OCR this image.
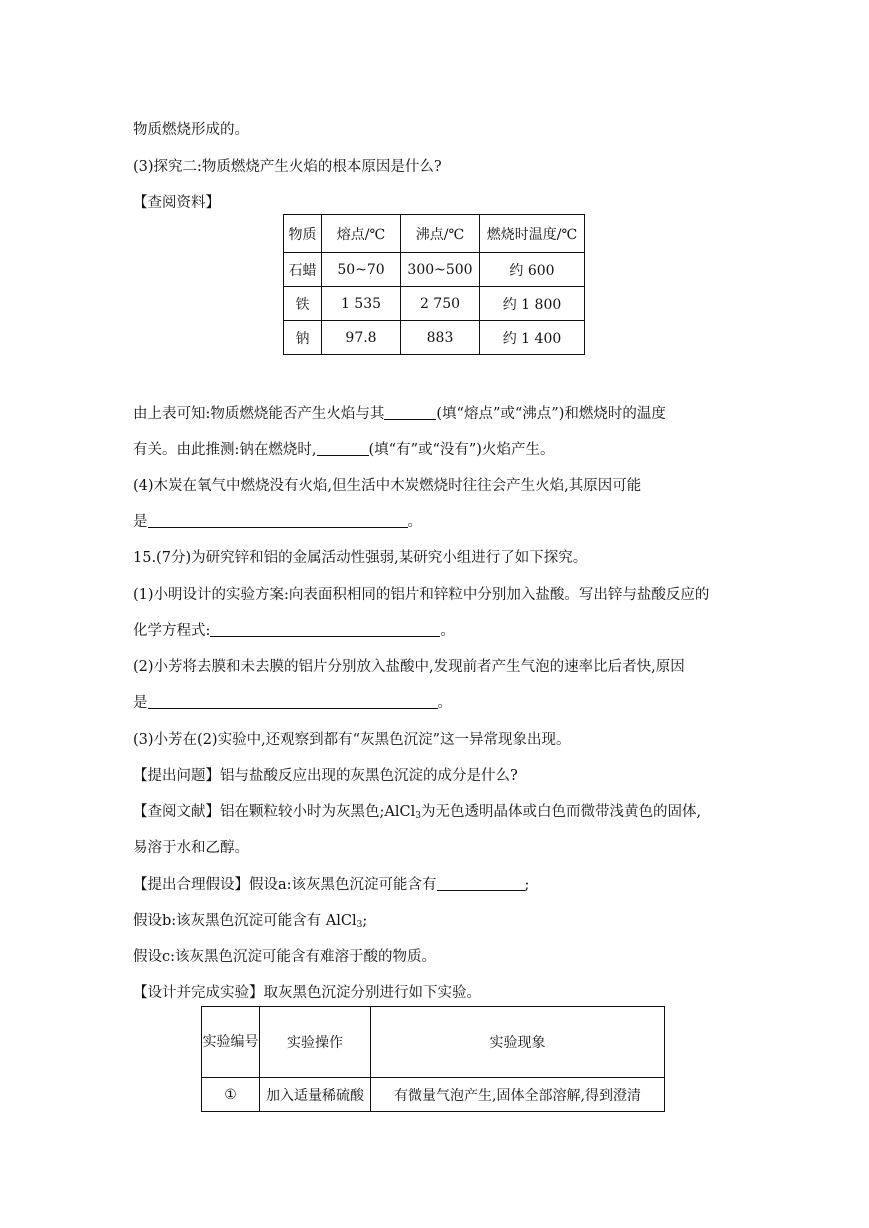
物质燃烧形成的。
(3)探究二:物质燃烧产生火焰的根本原因是什么?
【查阅资料】
物质	熔点/℃	沸点/℃	燃烧时温度/℃
石蜡	50~70	300~500	约 600
铁	1 535	2 750	约 1 800
钠	97.8	883	约 1 400
由上表可知:物质燃烧能否产生火焰与其	(填“熔点”或“沸点”)和燃烧时的温度
有关。由此推测:钠在燃烧时,	(填“有”或“没有”)火焰产生。
(4)木炭在氧气中燃烧没有火焰,但生活中木炭燃烧时往往会产生火焰,其原因可能
是	。
15.(7分)为研究锌和铝的金属活动性强弱,某研究小组进行了如下探究。
(1)小明设计的实验方案:向表面积相同的铝片和锌粒中分别加入盐酸。写出锌与盐酸反应的
化学方程式:	。
(2)小芳将去膜和未去膜的铝片分别放入盐酸中,发现前者产生气泡的速率比后者快,原因
是	。
(3)小芳在(2)实验中,还观察到都有“灰黑色沉淀”这一异常现象出现。
【提出问题】铝与盐酸反应出现的灰黑色沉淀的成分是什么?
【查阅文献】铝在颗粒较小时为灰黑色;AlCl$_3$为无色透明晶体或白色而微带浅黄色的固体,
易溶于水和乙醇。
【提出合理假设】假设a:该灰黑色沉淀可能含有	;
假设b:该灰黑色沉淀可能含有 AlCl$_3$;
假设c:该灰黑色沉淀可能含有难溶于酸的物质。
【设计并完成实验】取灰黑色沉淀分别进行如下实验。
实验编号	实验操作	实验现象
①	加入适量稀硫酸	有微量气泡产生,固体全部溶解,得到澄清
